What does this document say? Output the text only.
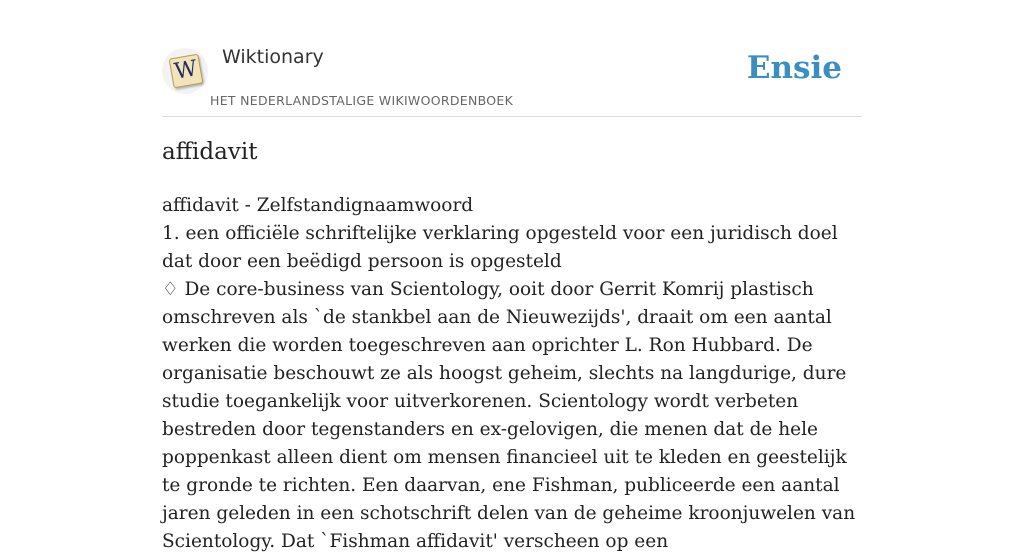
W Wiktionary
HET NEDERLANDSTALIGE WIKIWOORDENBOEK
Ensie
affidavit

affidavit - Zelfstandignaamwoord

1. een officiële schriftelijke verklaring opgesteld voor een juridisch doel dat door een beëdigd persoon is opgesteld

♢ De core-business van Scientology, ooit door Gerrit Komrij plastisch omschreven als `de stankbel aan de Nieuwezijds', draait om een aantal werken die worden toegeschreven aan oprichter L. Ron Hubbard. De organisatie beschouwt ze als hoogst geheim, slechts na langdurige, dure studie toegankelijk voor uitverkorenen. Scientology wordt verbeten bestreden door tegenstanders en ex-gelovigen, die menen dat de hele poppenkast alleen dient om mensen financieel uit te kleden en geestelijk te gronde te richten. Een daarvan, ene Fishman, publiceerde een aantal jaren geleden in een schotschrift delen van de geheime kroonjuwelen van Scientology. Dat `Fishman affidavit' verscheen op een
